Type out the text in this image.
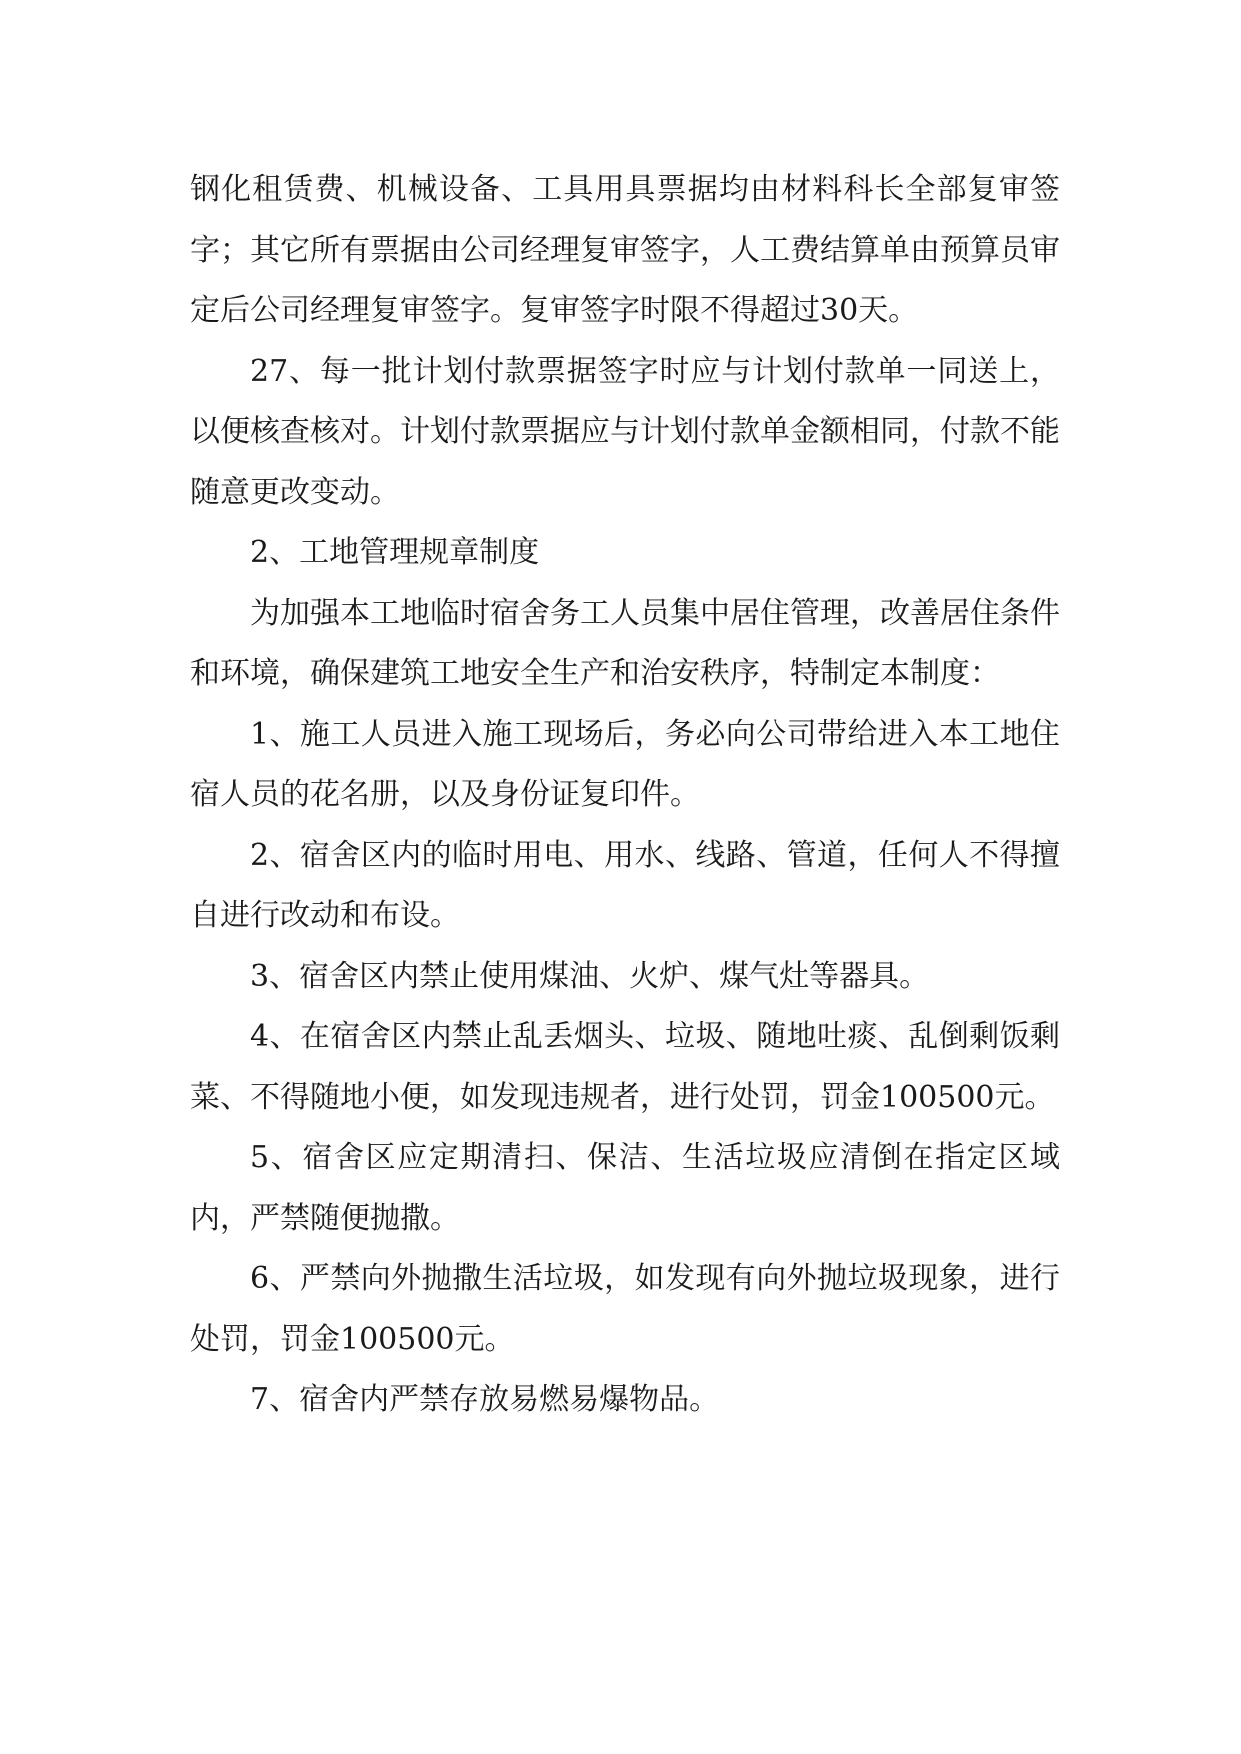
钢化租赁费、机械设备、工具用具票据均由材料科长全部复审签字；其它所有票据由公司经理复审签字，人工费结算单由预算员审定后公司经理复审签字。复审签字时限不得超过30天。

27、每一批计划付款票据签字时应与计划付款单一同送上，以便核查核对。计划付款票据应与计划付款单金额相同，付款不能随意更改变动。

2、工地管理规章制度

为加强本工地临时宿舍务工人员集中居住管理，改善居住条件和环境，确保建筑工地安全生产和治安秩序，特制定本制度：

1、施工人员进入施工现场后，务必向公司带给进入本工地住宿人员的花名册，以及身份证复印件。

2、宿舍区内的临时用电、用水、线路、管道，任何人不得擅自进行改动和布设。

3、宿舍区内禁止使用煤油、火炉、煤气灶等器具。

4、在宿舍区内禁止乱丢烟头、垃圾、随地吐痰、乱倒剩饭剩菜、不得随地小便，如发现违规者，进行处罚，罚金100500元。

5、宿舍区应定期清扫、保洁、生活垃圾应清倒在指定区域内，严禁随便抛撒。

6、严禁向外抛撒生活垃圾，如发现有向外抛垃圾现象，进行处罚，罚金100500元。

7、宿舍内严禁存放易燃易爆物品。
